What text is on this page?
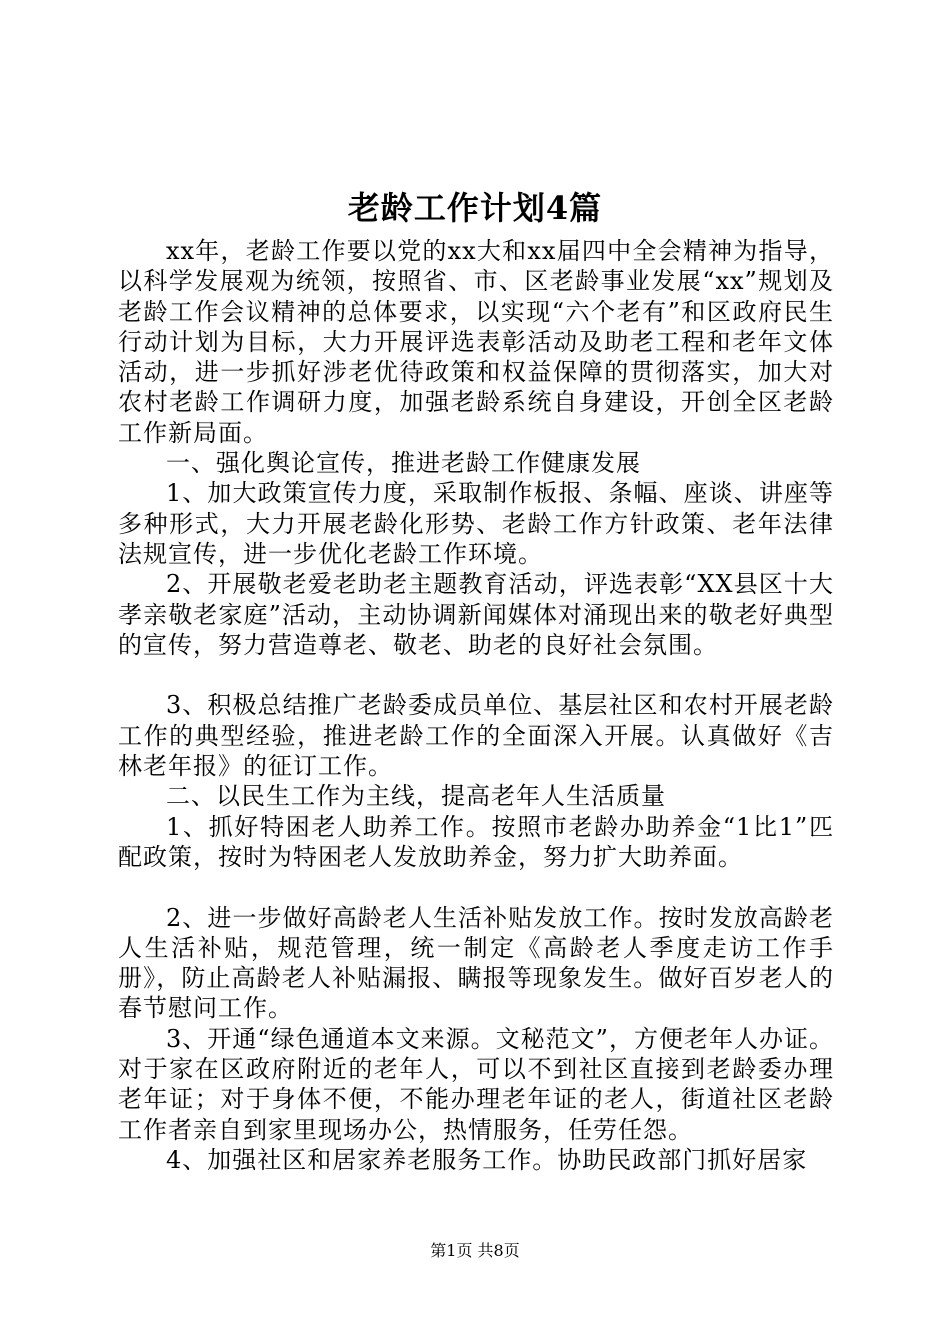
老龄工作计划4篇

xx年，老龄工作要以党的xx大和xx届四中全会精神为指导，以科学发展观为统领，按照省、市、区老龄事业发展“xx”规划及老龄工作会议精神的总体要求，以实现“六个老有”和区政府民生行动计划为目标，大力开展评选表彰活动及助老工程和老年文体活动，进一步抓好涉老优待政策和权益保障的贯彻落实，加大对农村老龄工作调研力度，加强老龄系统自身建设，开创全区老龄工作新局面。

一、强化舆论宣传，推进老龄工作健康发展

1、加大政策宣传力度，采取制作板报、条幅、座谈、讲座等多种形式，大力开展老龄化形势、老龄工作方针政策、老年法律法规宣传，进一步优化老龄工作环境。

2、开展敬老爱老助老主题教育活动，评选表彰“XX县区十大孝亲敬老家庭”活动，主动协调新闻媒体对涌现出来的敬老好典型的宣传，努力营造尊老、敬老、助老的良好社会氛围。

3、积极总结推广老龄委成员单位、基层社区和农村开展老龄工作的典型经验，推进老龄工作的全面深入开展。认真做好《吉林老年报》的征订工作。

二、以民生工作为主线，提高老年人生活质量

1、抓好特困老人助养工作。按照市老龄办助养金“1比1”匹配政策，按时为特困老人发放助养金，努力扩大助养面。

2、进一步做好高龄老人生活补贴发放工作。按时发放高龄老人生活补贴，规范管理，统一制定《高龄老人季度走访工作手册》，防止高龄老人补贴漏报、瞒报等现象发生。做好百岁老人的春节慰问工作。

3、开通“绿色通道本文来源。文秘范文”，方便老年人办证。对于家在区政府附近的老年人，可以不到社区直接到老龄委办理老年证；对于身体不便，不能办理老年证的老人，街道社区老龄工作者亲自到家里现场办公，热情服务，任劳任怨。

4、加强社区和居家养老服务工作。协助民政部门抓好居家

第1页 共8页
